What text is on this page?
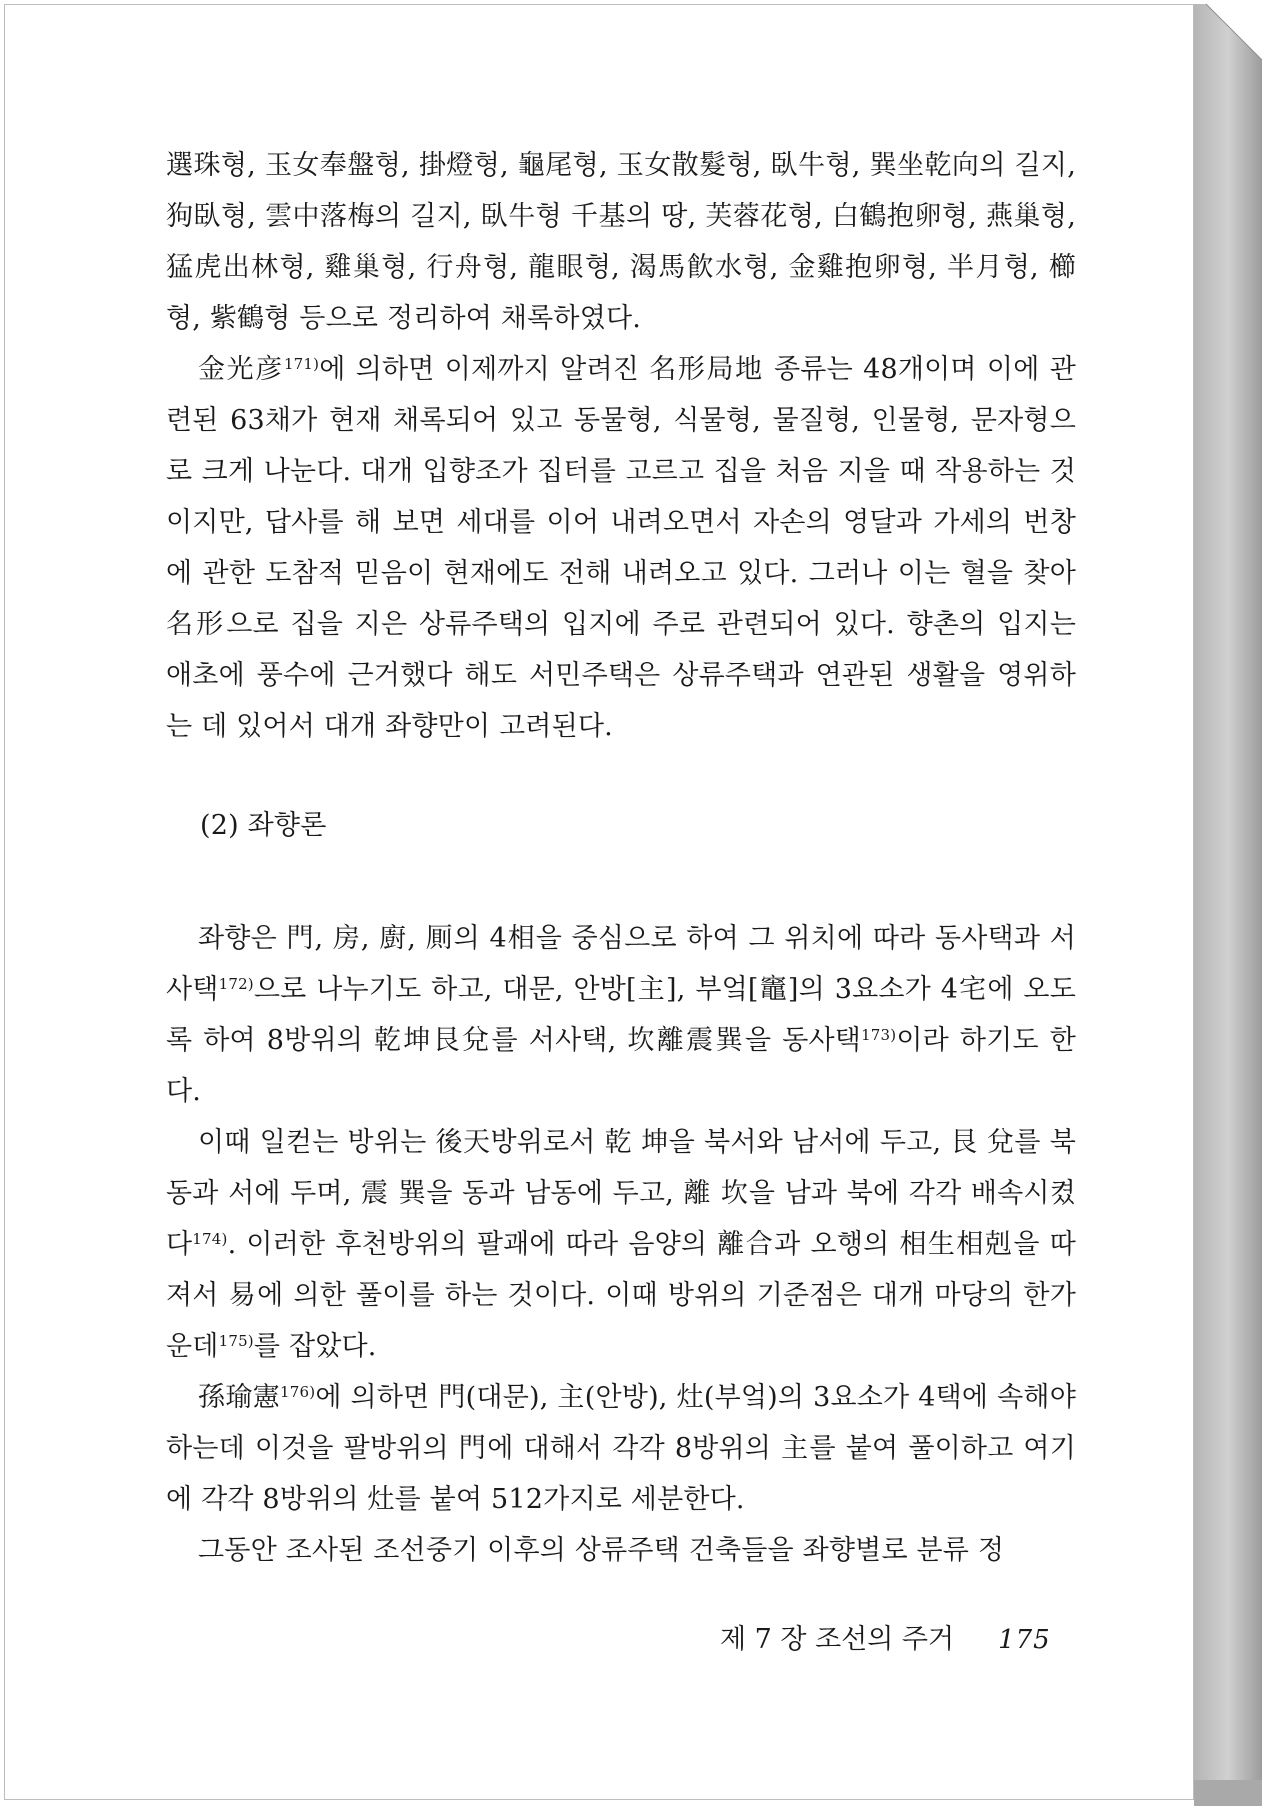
選珠형, 玉女奉盤형, 掛燈형, 龜尾형, 玉女散髮형, 臥牛형, 巽坐乾向의 길지, 狗臥형, 雲中落梅의 길지, 臥牛형 千基의 땅, 芙蓉花형, 白鶴抱卵형, 燕巢형, 猛虎出林형, 雞巢형, 行舟형, 龍眼형, 渴馬飮水형, 金雞抱卵형, 半月형, 櫛형, 紫鶴형 등으로 정리하여 채록하였다.

金光彦$^{171)}$에 의하면 이제까지 알려진 名形局地 종류는 48개이며 이에 관련된 63채가 현재 채록되어 있고 동물형, 식물형, 물질형, 인물형, 문자형으로 크게 나눈다. 대개 입향조가 집터를 고르고 집을 처음 지을 때 작용하는 것이지만, 답사를 해 보면 세대를 이어 내려오면서 자손의 영달과 가세의 번창에 관한 도참적 믿음이 현재에도 전해 내려오고 있다. 그러나 이는 혈을 찾아 名形으로 집을 지은 상류주택의 입지에 주로 관련되어 있다. 향촌의 입지는 애초에 풍수에 근거했다 해도 서민주택은 상류주택과 연관된 생활을 영위하는 데 있어서 대개 좌향만이 고려된다.

(2) 좌향론

좌향은 門, 房, 廚, 厠의 4相을 중심으로 하여 그 위치에 따라 동사택과 서사택$^{172)}$으로 나누기도 하고, 대문, 안방[主], 부엌[竈]의 3요소가 4宅에 오도록 하여 8방위의 乾坤艮兌를 서사택, 坎離震巽을 동사택$^{173)}$이라 하기도 한다.

이때 일컫는 방위는 後天방위로서 乾 坤을 북서와 남서에 두고, 艮 兌를 북동과 서에 두며, 震 巽을 동과 남동에 두고, 離 坎을 남과 북에 각각 배속시켰다$^{174)}$. 이러한 후천방위의 팔괘에 따라 음양의 離合과 오행의 相生相剋을 따져서 易에 의한 풀이를 하는 것이다. 이때 방위의 기준점은 대개 마당의 한가운데$^{175)}$를 잡았다.

孫瑜憲$^{176)}$에 의하면 門(대문), 主(안방), 灶(부엌)의 3요소가 4택에 속해야 하는데 이것을 팔방위의 門에 대해서 각각 8방위의 主를 붙여 풀이하고 여기에 각각 8방위의 灶를 붙여 512가지로 세분한다.

그동안 조사된 조선중기 이후의 상류주택 건축들을 좌향별로 분류 정

제 7 장 조선의 주거 175
